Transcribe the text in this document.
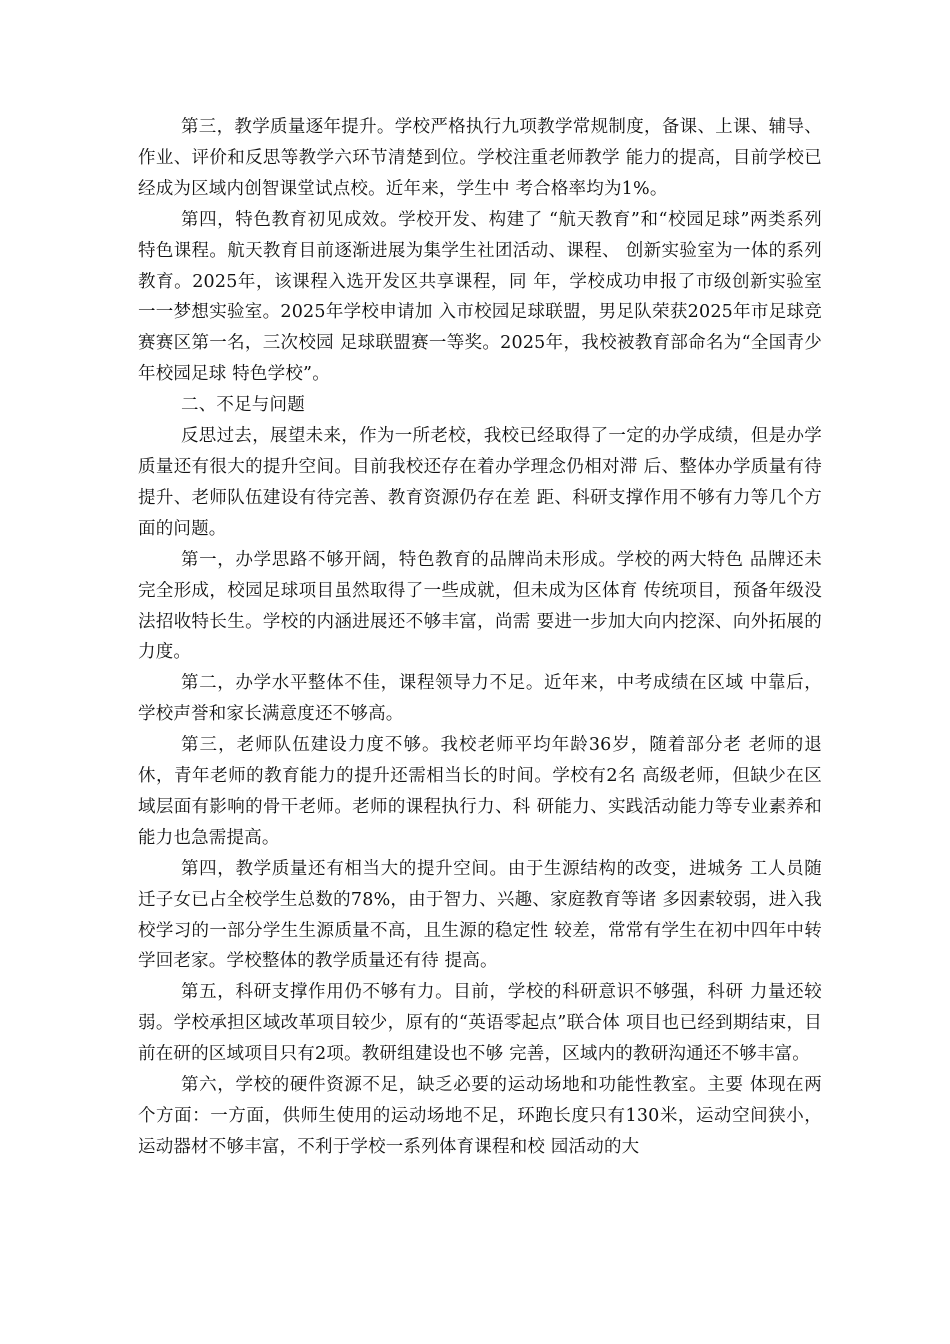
第三，教学质量逐年提升。学校严格执行九项教学常规制度，备课、上课、辅导、作业、评价和反思等教学六环节清楚到位。学校注重老师教学 能力的提高，目前学校已经成为区域内创智课堂试点校。近年来，学生中 考合格率均为1%。

第四，特色教育初见成效。学校开发、构建了 “航天教育”和“校园足球”两类系列特色课程。航天教育目前逐渐进展为集学生社团活动、课程、 创新实验室为一体的系列教育。2025年，该课程入选开发区共享课程，同 年，学校成功申报了市级创新实验室一一梦想实验室。2025年学校申请加 入市校园足球联盟，男足队荣获2025年市足球竞赛赛区第一名，三次校园 足球联盟赛一等奖。2025年，我校被教育部命名为“全国青少年校园足球 特色学校”。

二、不足与问题

反思过去，展望未来，作为一所老校，我校已经取得了一定的办学成绩，但是办学质量还有很大的提升空间。目前我校还存在着办学理念仍相对滞 后、整体办学质量有待提升、老师队伍建设有待完善、教育资源仍存在差 距、科研支撑作用不够有力等几个方面的问题。

第一，办学思路不够开阔，特色教育的品牌尚未形成。学校的两大特色 品牌还未完全形成，校园足球项目虽然取得了一些成就，但未成为区体育 传统项目，预备年级没法招收特长生。学校的内涵进展还不够丰富，尚需 要进一步加大向内挖深、向外拓展的力度。

第二，办学水平整体不佳，课程领导力不足。近年来，中考成绩在区域 中靠后，学校声誉和家长满意度还不够高。

第三，老师队伍建设力度不够。我校老师平均年龄36岁，随着部分老 老师的退休，青年老师的教育能力的提升还需相当长的时间。学校有2名 高级老师，但缺少在区域层面有影响的骨干老师。老师的课程执行力、科 研能力、实践活动能力等专业素养和能力也急需提高。

第四，教学质量还有相当大的提升空间。由于生源结构的改变，进城务 工人员随迁子女已占全校学生总数的78%，由于智力、兴趣、家庭教育等诸 多因素较弱，进入我校学习的一部分学生生源质量不高，且生源的稳定性 较差，常常有学生在初中四年中转学回老家。学校整体的教学质量还有待 提高。

第五，科研支撑作用仍不够有力。目前，学校的科研意识不够强，科研 力量还较弱。学校承担区域改革项目较少，原有的“英语零起点”联合体 项目也已经到期结束，目前在研的区域项目只有2项。教研组建设也不够 完善，区域内的教研沟通还不够丰富。

第六，学校的硬件资源不足，缺乏必要的运动场地和功能性教室。主要 体现在两个方面：一方面，供师生使用的运动场地不足，环跑长度只有130米，运动空间狭小，运动器材不够丰富，不利于学校一系列体育课程和校 园活动的大
